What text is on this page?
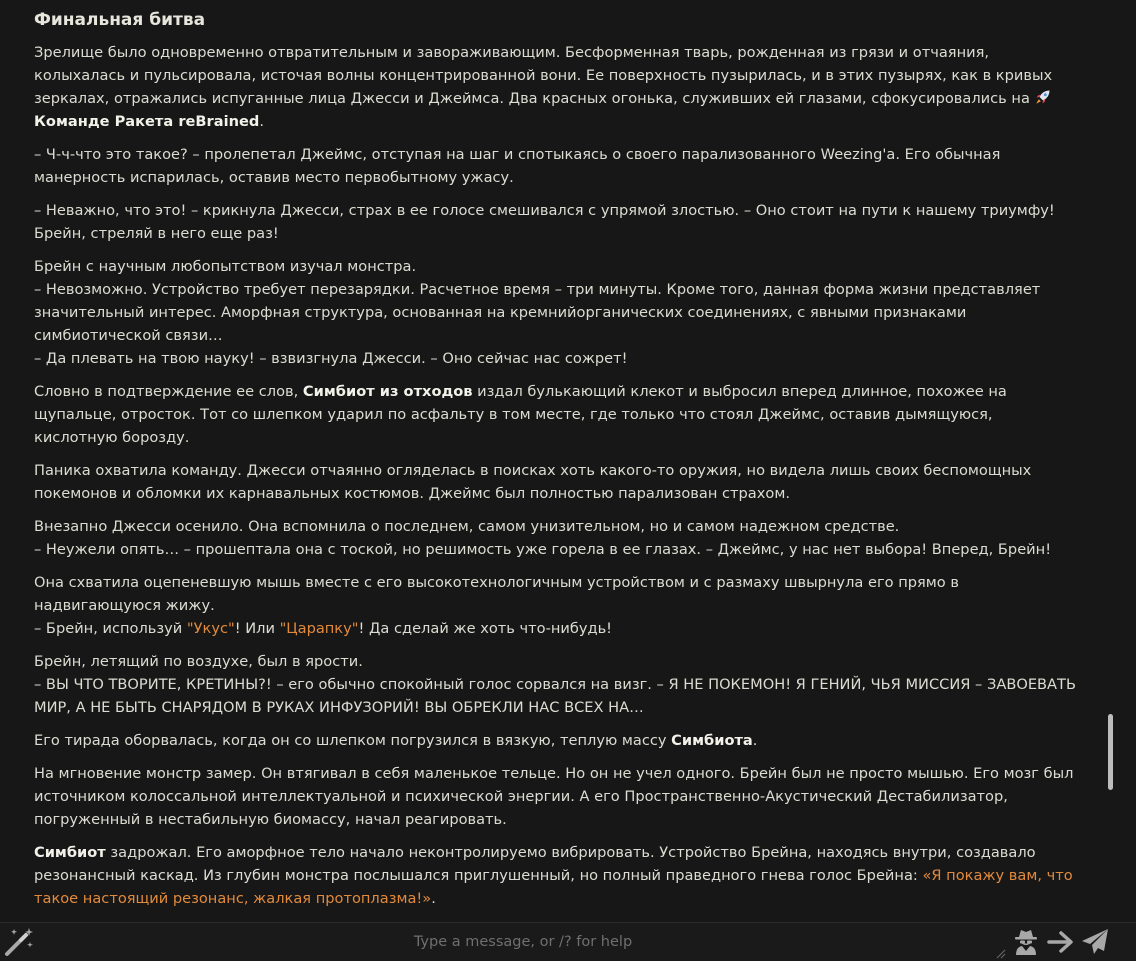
Финальная битва

Зрелище было одновременно отвратительным и завораживающим. Бесформенная тварь, рожденная из грязи и отчаяния, колыхалась и пульсировала, источая волны концентрированной вони. Ее поверхность пузырилась, и в этих пузырях, как в кривых зеркалах, отражались испуганные лица Джесси и Джеймса. Два красных огонька, служивших ей глазами, сфокусировались на Команде Ракета reBrained.

– Ч-ч-что это такое? – пролепетал Джеймс, отступая на шаг и спотыкаясь о своего парализованного Weezing'а. Его обычная манерность испарилась, оставив место первобытному ужасу.

– Неважно, что это! – крикнула Джесси, страх в ее голосе смешивался с упрямой злостью. – Оно стоит на пути к нашему триумфу! Брейн, стреляй в него еще раз!

Брейн с научным любопытством изучал монстра.
– Невозможно. Устройство требует перезарядки. Расчетное время – три минуты. Кроме того, данная форма жизни представляет значительный интерес. Аморфная структура, основанная на кремнийорганических соединениях, с явными признаками симбиотической связи…
– Да плевать на твою науку! – взвизгнула Джесси. – Оно сейчас нас сожрет!

Словно в подтверждение ее слов, Симбиот из отходов издал булькающий клекот и выбросил вперед длинное, похожее на щупальце, отросток. Тот со шлепком ударил по асфальту в том месте, где только что стоял Джеймс, оставив дымящуюся, кислотную борозду.

Паника охватила команду. Джесси отчаянно огляделась в поисках хоть какого-то оружия, но видела лишь своих беспомощных покемонов и обломки их карнавальных костюмов. Джеймс был полностью парализован страхом.

Внезапно Джесси осенило. Она вспомнила о последнем, самом унизительном, но и самом надежном средстве.
– Неужели опять… – прошептала она с тоской, но решимость уже горела в ее глазах. – Джеймс, у нас нет выбора! Вперед, Брейн!

Она схватила оцепеневшую мышь вместе с его высокотехнологичным устройством и с размаху швырнула его прямо в надвигающуюся жижу.
– Брейн, используй "Укус"! Или "Царапку"! Да сделай же хоть что-нибудь!

Брейн, летящий по воздухе, был в ярости.
– ВЫ ЧТО ТВОРИТЕ, КРЕТИНЫ?! – его обычно спокойный голос сорвался на визг. – Я НЕ ПОКЕМОН! Я ГЕНИЙ, ЧЬЯ МИССИЯ – ЗАВОЕВАТЬ МИР, А НЕ БЫТЬ СНАРЯДОМ В РУКАХ ИНФУЗОРИЙ! ВЫ ОБРЕКЛИ НАС ВСЕХ НА…

Его тирада оборвалась, когда он со шлепком погрузился в вязкую, теплую массу Симбиота.

На мгновение монстр замер. Он втягивал в себя маленькое тельце. Но он не учел одного. Брейн был не просто мышью. Его мозг был источником колоссальной интеллектуальной и психической энергии. А его Пространственно-Акустический Дестабилизатор, погруженный в нестабильную биомассу, начал реагировать.

Симбиот задрожал. Его аморфное тело начало неконтролируемо вибрировать. Устройство Брейна, находясь внутри, создавало резонансный каскад. Из глубин монстра послышался приглушенный, но полный праведного гнева голос Брейна: «Я покажу вам, что такое настоящий резонанс, жалкая протоплазма!».

Type a message, or /? for help
